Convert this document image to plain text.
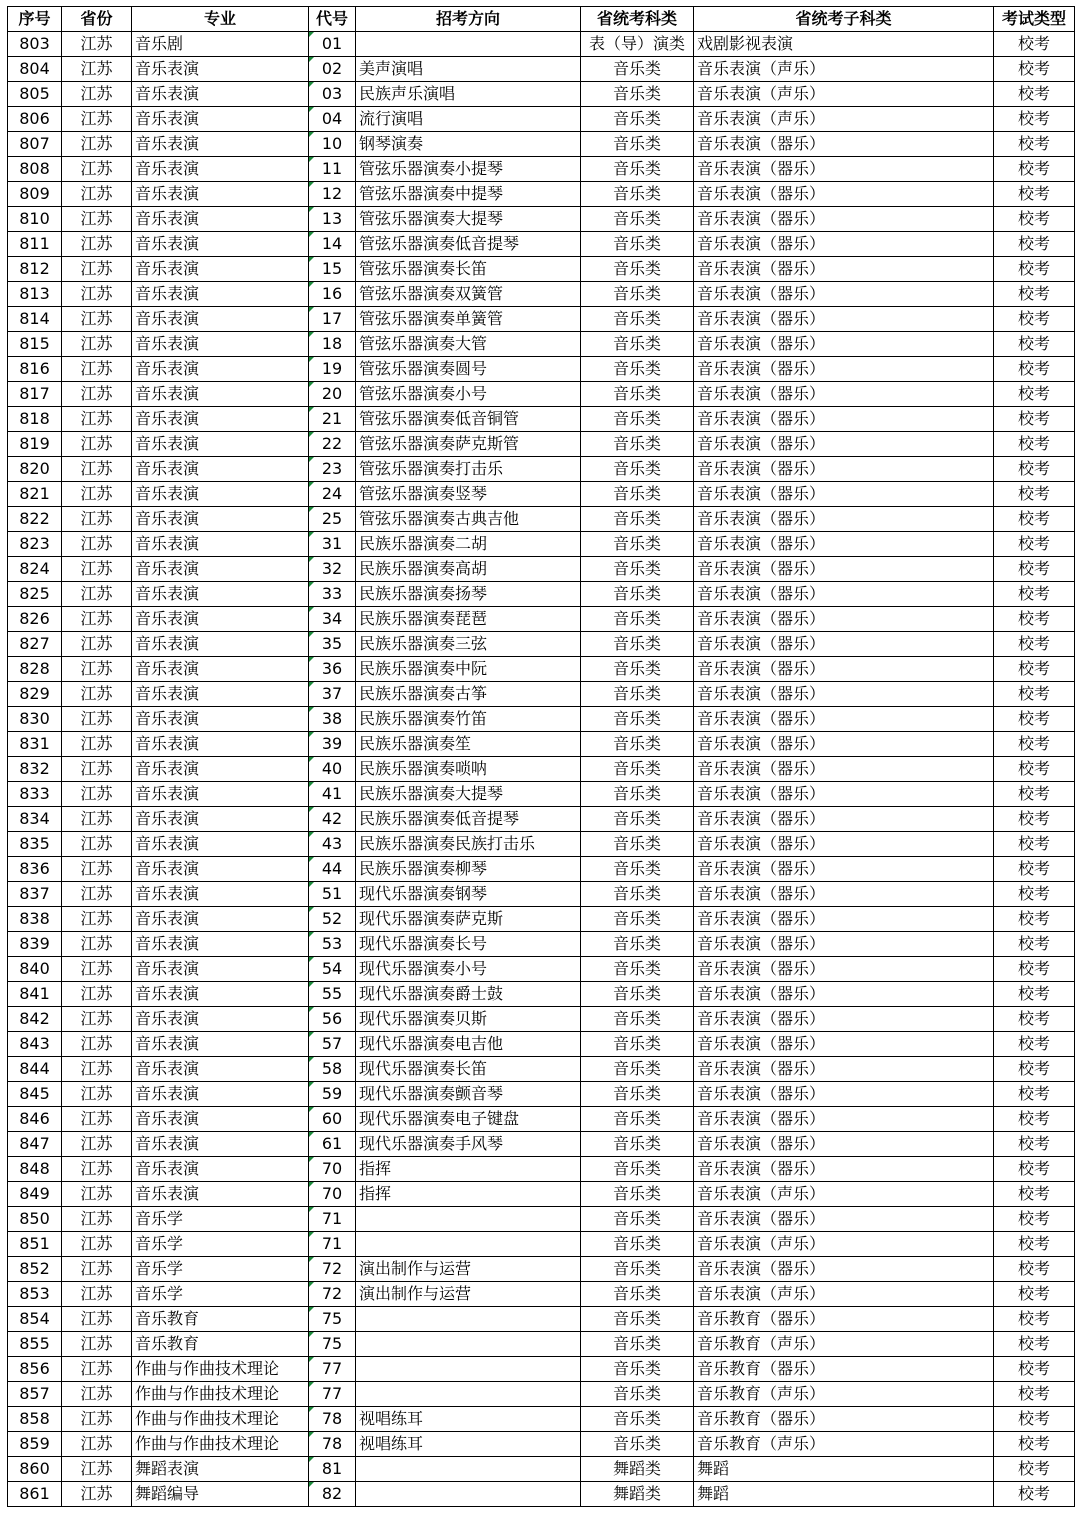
序号	省份	专业	代号	招考方向	省统考科类	省统考子科类	考试类型
803	江苏	音乐剧	01		表（导）演类	戏剧影视表演	校考
804	江苏	音乐表演	02	美声演唱	音乐类	音乐表演（声乐）	校考
805	江苏	音乐表演	03	民族声乐演唱	音乐类	音乐表演（声乐）	校考
806	江苏	音乐表演	04	流行演唱	音乐类	音乐表演（声乐）	校考
807	江苏	音乐表演	10	钢琴演奏	音乐类	音乐表演（器乐）	校考
808	江苏	音乐表演	11	管弦乐器演奏小提琴	音乐类	音乐表演（器乐）	校考
809	江苏	音乐表演	12	管弦乐器演奏中提琴	音乐类	音乐表演（器乐）	校考
810	江苏	音乐表演	13	管弦乐器演奏大提琴	音乐类	音乐表演（器乐）	校考
811	江苏	音乐表演	14	管弦乐器演奏低音提琴	音乐类	音乐表演（器乐）	校考
812	江苏	音乐表演	15	管弦乐器演奏长笛	音乐类	音乐表演（器乐）	校考
813	江苏	音乐表演	16	管弦乐器演奏双簧管	音乐类	音乐表演（器乐）	校考
814	江苏	音乐表演	17	管弦乐器演奏单簧管	音乐类	音乐表演（器乐）	校考
815	江苏	音乐表演	18	管弦乐器演奏大管	音乐类	音乐表演（器乐）	校考
816	江苏	音乐表演	19	管弦乐器演奏圆号	音乐类	音乐表演（器乐）	校考
817	江苏	音乐表演	20	管弦乐器演奏小号	音乐类	音乐表演（器乐）	校考
818	江苏	音乐表演	21	管弦乐器演奏低音铜管	音乐类	音乐表演（器乐）	校考
819	江苏	音乐表演	22	管弦乐器演奏萨克斯管	音乐类	音乐表演（器乐）	校考
820	江苏	音乐表演	23	管弦乐器演奏打击乐	音乐类	音乐表演（器乐）	校考
821	江苏	音乐表演	24	管弦乐器演奏竖琴	音乐类	音乐表演（器乐）	校考
822	江苏	音乐表演	25	管弦乐器演奏古典吉他	音乐类	音乐表演（器乐）	校考
823	江苏	音乐表演	31	民族乐器演奏二胡	音乐类	音乐表演（器乐）	校考
824	江苏	音乐表演	32	民族乐器演奏高胡	音乐类	音乐表演（器乐）	校考
825	江苏	音乐表演	33	民族乐器演奏扬琴	音乐类	音乐表演（器乐）	校考
826	江苏	音乐表演	34	民族乐器演奏琵琶	音乐类	音乐表演（器乐）	校考
827	江苏	音乐表演	35	民族乐器演奏三弦	音乐类	音乐表演（器乐）	校考
828	江苏	音乐表演	36	民族乐器演奏中阮	音乐类	音乐表演（器乐）	校考
829	江苏	音乐表演	37	民族乐器演奏古筝	音乐类	音乐表演（器乐）	校考
830	江苏	音乐表演	38	民族乐器演奏竹笛	音乐类	音乐表演（器乐）	校考
831	江苏	音乐表演	39	民族乐器演奏笙	音乐类	音乐表演（器乐）	校考
832	江苏	音乐表演	40	民族乐器演奏唢呐	音乐类	音乐表演（器乐）	校考
833	江苏	音乐表演	41	民族乐器演奏大提琴	音乐类	音乐表演（器乐）	校考
834	江苏	音乐表演	42	民族乐器演奏低音提琴	音乐类	音乐表演（器乐）	校考
835	江苏	音乐表演	43	民族乐器演奏民族打击乐	音乐类	音乐表演（器乐）	校考
836	江苏	音乐表演	44	民族乐器演奏柳琴	音乐类	音乐表演（器乐）	校考
837	江苏	音乐表演	51	现代乐器演奏钢琴	音乐类	音乐表演（器乐）	校考
838	江苏	音乐表演	52	现代乐器演奏萨克斯	音乐类	音乐表演（器乐）	校考
839	江苏	音乐表演	53	现代乐器演奏长号	音乐类	音乐表演（器乐）	校考
840	江苏	音乐表演	54	现代乐器演奏小号	音乐类	音乐表演（器乐）	校考
841	江苏	音乐表演	55	现代乐器演奏爵士鼓	音乐类	音乐表演（器乐）	校考
842	江苏	音乐表演	56	现代乐器演奏贝斯	音乐类	音乐表演（器乐）	校考
843	江苏	音乐表演	57	现代乐器演奏电吉他	音乐类	音乐表演（器乐）	校考
844	江苏	音乐表演	58	现代乐器演奏长笛	音乐类	音乐表演（器乐）	校考
845	江苏	音乐表演	59	现代乐器演奏颤音琴	音乐类	音乐表演（器乐）	校考
846	江苏	音乐表演	60	现代乐器演奏电子键盘	音乐类	音乐表演（器乐）	校考
847	江苏	音乐表演	61	现代乐器演奏手风琴	音乐类	音乐表演（器乐）	校考
848	江苏	音乐表演	70	指挥	音乐类	音乐表演（器乐）	校考
849	江苏	音乐表演	70	指挥	音乐类	音乐表演（声乐）	校考
850	江苏	音乐学	71		音乐类	音乐表演（器乐）	校考
851	江苏	音乐学	71		音乐类	音乐表演（声乐）	校考
852	江苏	音乐学	72	演出制作与运营	音乐类	音乐表演（器乐）	校考
853	江苏	音乐学	72	演出制作与运营	音乐类	音乐表演（声乐）	校考
854	江苏	音乐教育	75		音乐类	音乐教育（器乐）	校考
855	江苏	音乐教育	75		音乐类	音乐教育（声乐）	校考
856	江苏	作曲与作曲技术理论	77		音乐类	音乐教育（器乐）	校考
857	江苏	作曲与作曲技术理论	77		音乐类	音乐教育（声乐）	校考
858	江苏	作曲与作曲技术理论	78	视唱练耳	音乐类	音乐教育（器乐）	校考
859	江苏	作曲与作曲技术理论	78	视唱练耳	音乐类	音乐教育（声乐）	校考
860	江苏	舞蹈表演	81		舞蹈类	舞蹈	校考
861	江苏	舞蹈编导	82		舞蹈类	舞蹈	校考
